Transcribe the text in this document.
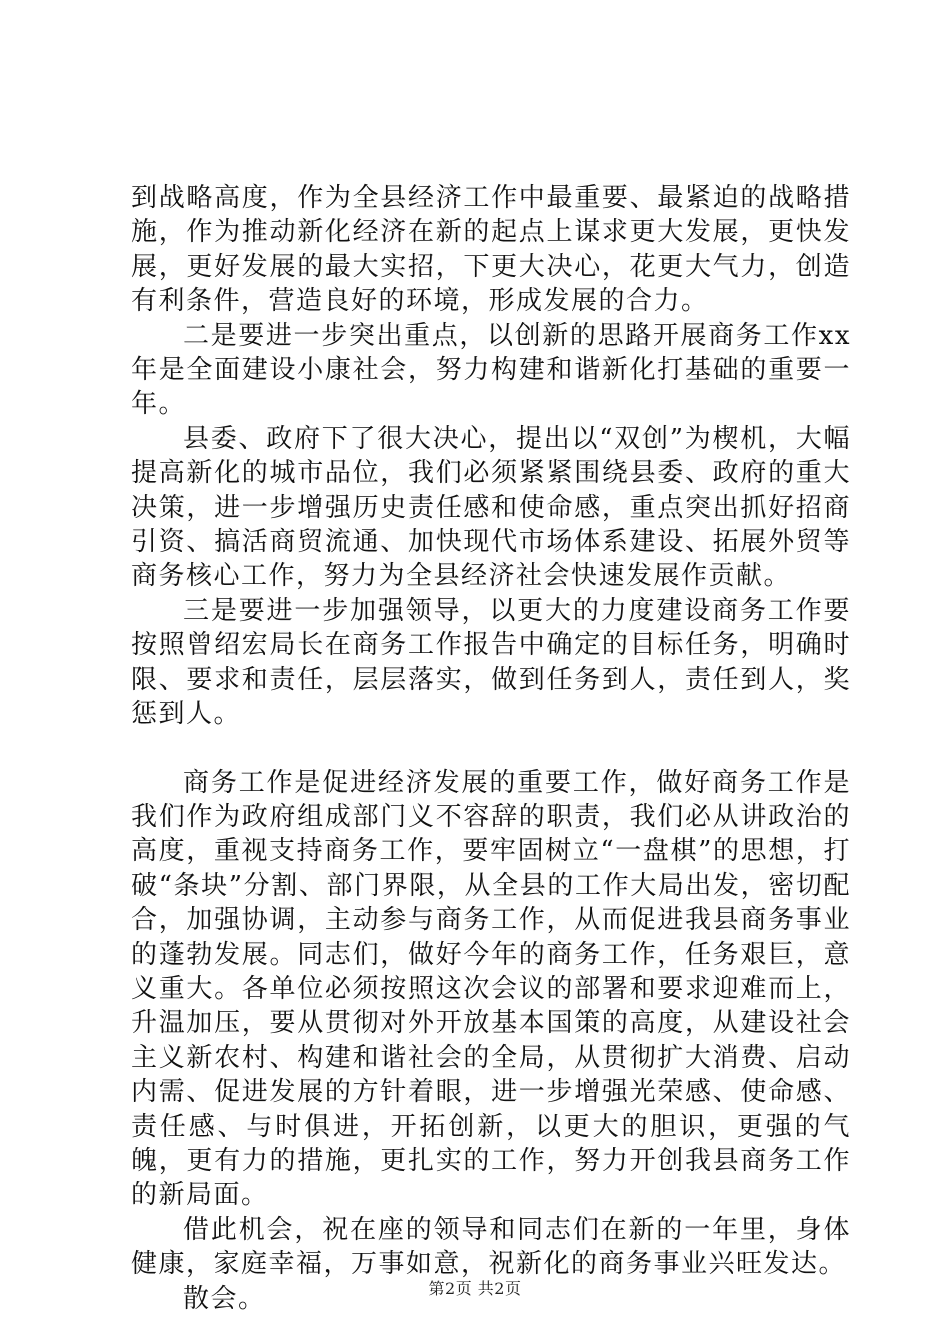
到战略高度，作为全县经济工作中最重要、最紧迫的战略措施，作为推动新化经济在新的起点上谋求更大发展，更快发展，更好发展的最大实招，下更大决心，花更大气力，创造有利条件，营造良好的环境，形成发展的合力。

二是要进一步突出重点，以创新的思路开展商务工作xx年是全面建设小康社会，努力构建和谐新化打基础的重要一年。

县委、政府下了很大决心，提出以“双创”为楔机，大幅提高新化的城市品位，我们必须紧紧围绕县委、政府的重大决策，进一步增强历史责任感和使命感，重点突出抓好招商引资、搞活商贸流通、加快现代市场体系建设、拓展外贸等商务核心工作，努力为全县经济社会快速发展作贡献。

三是要进一步加强领导，以更大的力度建设商务工作要按照曾绍宏局长在商务工作报告中确定的目标任务，明确时限、要求和责任，层层落实，做到任务到人，责任到人，奖惩到人。

商务工作是促进经济发展的重要工作，做好商务工作是我们作为政府组成部门义不容辞的职责，我们必从讲政治的高度，重视支持商务工作，要牢固树立“一盘棋”的思想，打破“条块”分割、部门界限，从全县的工作大局出发，密切配合，加强协调，主动参与商务工作，从而促进我县商务事业的蓬勃发展。同志们，做好今年的商务工作，任务艰巨，意义重大。各单位必须按照这次会议的部署和要求迎难而上，升温加压，要从贯彻对外开放基本国策的高度，从建设社会主义新农村、构建和谐社会的全局，从贯彻扩大消费、启动内需、促进发展的方针着眼，进一步增强光荣感、使命感、责任感、与时俱进，开拓创新，以更大的胆识，更强的气魄，更有力的措施，更扎实的工作，努力开创我县商务工作的新局面。

借此机会，祝在座的领导和同志们在新的一年里，身体健康，家庭幸福，万事如意，祝新化的商务事业兴旺发达。

散会。	第2页 共2页
